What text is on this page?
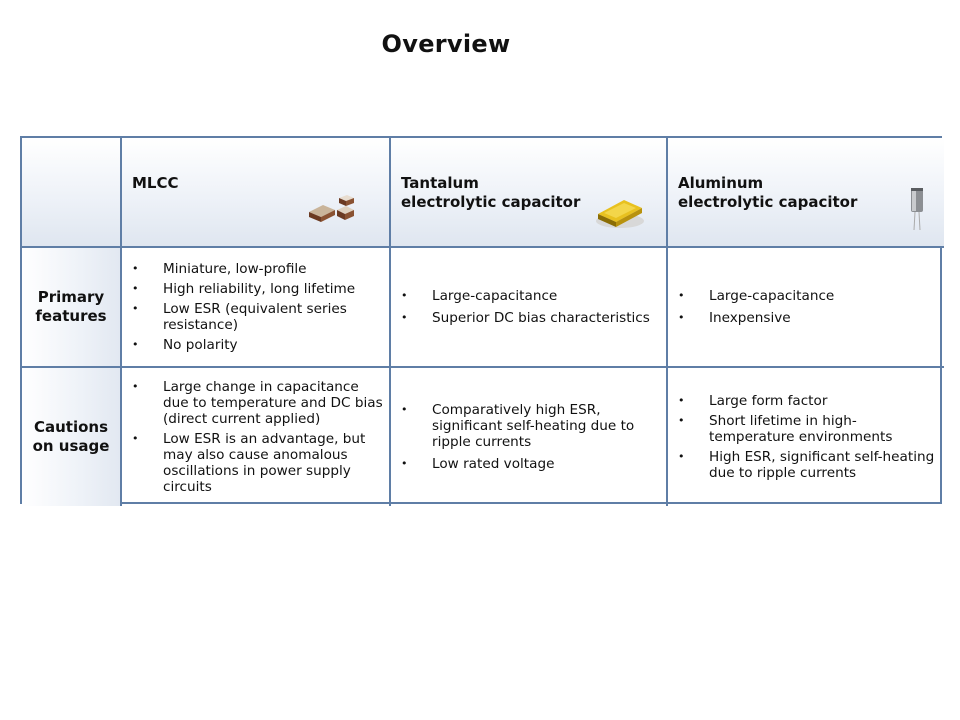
Overview
MLCC	Tantalum
electrolytic capacitor
Aluminum
electrolytic capacitor
Primary
features
• Miniature, low-profile
• High reliability, long lifetime
• Low ESR (equivalent series resistance)
• No polarity
• Large-capacitance
• Superior DC bias characteristics
• Large-capacitance
• Inexpensive
Cautions
on usage
• Large change in capacitance due to temperature and DC bias (direct current applied)
• Low ESR is an advantage, but may also cause anomalous oscillations in power supply circuits
• Comparatively high ESR, significant self-heating due to ripple currents
• Low rated voltage
• Large form factor
• Short lifetime in high-temperature environments
• High ESR, significant self-heating due to ripple currents
